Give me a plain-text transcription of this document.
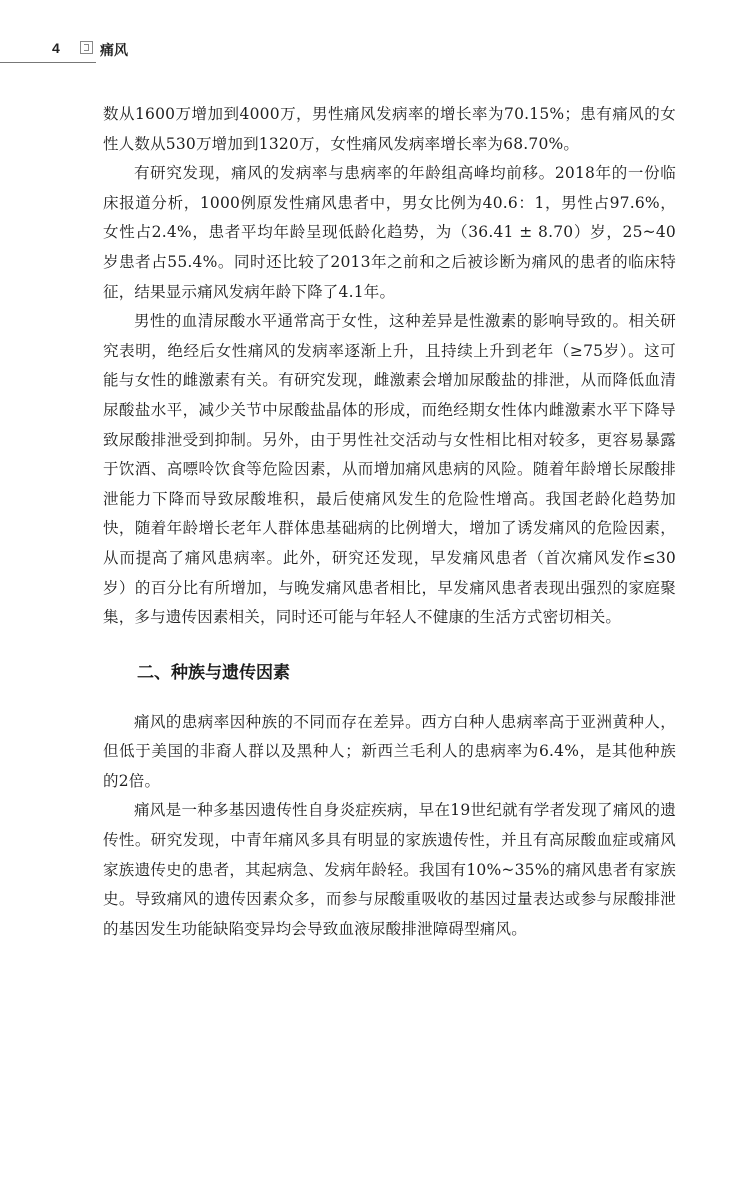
4	痛风

数从1600万增加到4000万，男性痛风发病率的增长率为70.15%；患有痛风的女性人数从530万增加到1320万，女性痛风发病率增长率为68.70%。

有研究发现，痛风的发病率与患病率的年龄组高峰均前移。2018年的一份临床报道分析，1000例原发性痛风患者中，男女比例为40.6：1，男性占97.6%，女性占2.4%，患者平均年龄呈现低龄化趋势，为（36.41 ± 8.70）岁，25~40岁患者占55.4%。同时还比较了2013年之前和之后被诊断为痛风的患者的临床特征，结果显示痛风发病年龄下降了4.1年。

男性的血清尿酸水平通常高于女性，这种差异是性激素的影响导致的。相关研究表明，绝经后女性痛风的发病率逐渐上升，且持续上升到老年（≥75岁）。这可能与女性的雌激素有关。有研究发现，雌激素会增加尿酸盐的排泄，从而降低血清尿酸盐水平，减少关节中尿酸盐晶体的形成，而绝经期女性体内雌激素水平下降导致尿酸排泄受到抑制。另外，由于男性社交活动与女性相比相对较多，更容易暴露于饮酒、高嘌呤饮食等危险因素，从而增加痛风患病的风险。随着年龄增长尿酸排泄能力下降而导致尿酸堆积，最后使痛风发生的危险性增高。我国老龄化趋势加快，随着年龄增长老年人群体患基础病的比例增大，增加了诱发痛风的危险因素，从而提高了痛风患病率。此外，研究还发现，早发痛风患者（首次痛风发作≤30岁）的百分比有所增加，与晚发痛风患者相比，早发痛风患者表现出强烈的家庭聚集，多与遗传因素相关，同时还可能与年轻人不健康的生活方式密切相关。

二、种族与遗传因素

痛风的患病率因种族的不同而存在差异。西方白种人患病率高于亚洲黄种人，但低于美国的非裔人群以及黑种人；新西兰毛利人的患病率为6.4%，是其他种族的2倍。

痛风是一种多基因遗传性自身炎症疾病，早在19世纪就有学者发现了痛风的遗传性。研究发现，中青年痛风多具有明显的家族遗传性，并且有高尿酸血症或痛风家族遗传史的患者，其起病急、发病年龄轻。我国有10%~35%的痛风患者有家族史。导致痛风的遗传因素众多，而参与尿酸重吸收的基因过量表达或参与尿酸排泄的基因发生功能缺陷变异均会导致血液尿酸排泄障碍型痛风。
